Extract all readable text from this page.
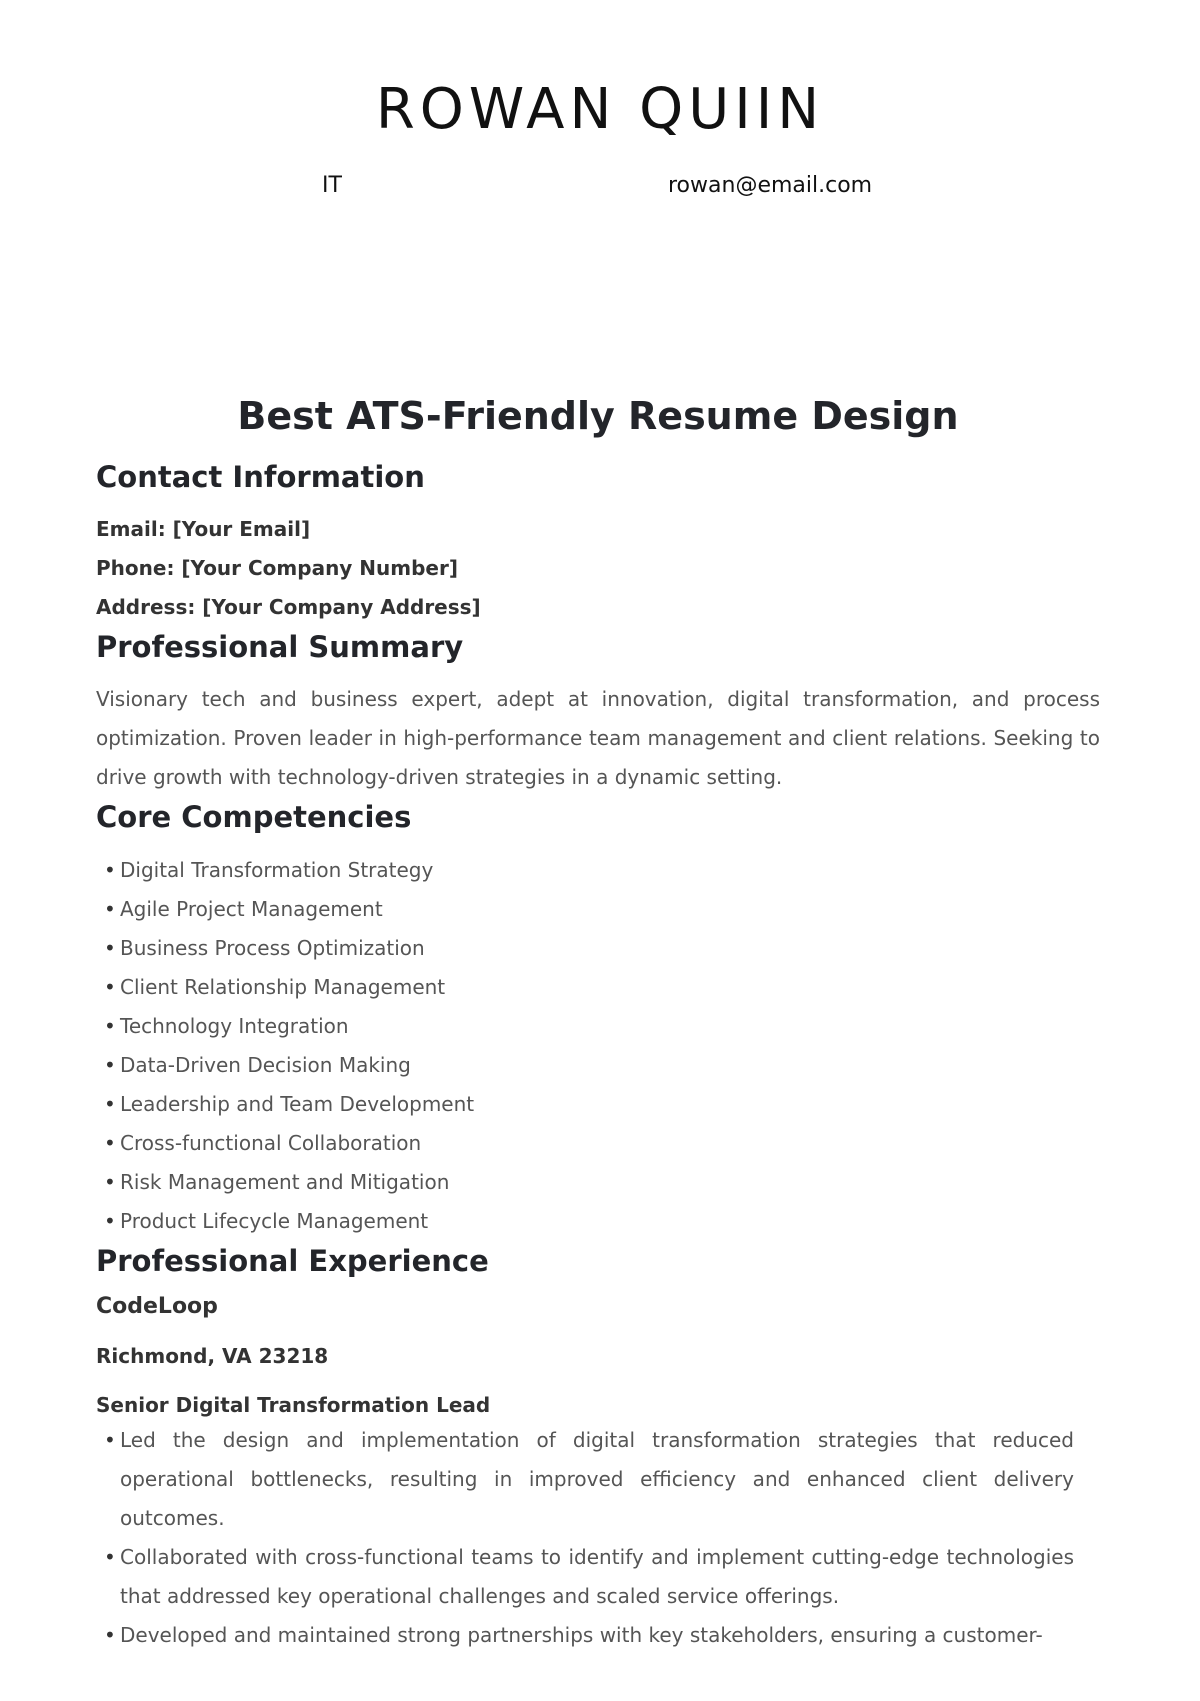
ROWAN QUIIN
IT	rowan@email.com
Best ATS-Friendly Resume Design
Contact Information
Email: [Your Email]
Phone: [Your Company Number]
Address: [Your Company Address]
Professional Summary

Visionary tech and business expert, adept at innovation, digital transformation, and process optimization. Proven leader in high-performance team management and client relations. Seeking to drive growth with technology-driven strategies in a dynamic setting.

Core Competencies
• Digital Transformation Strategy
• Agile Project Management
• Business Process Optimization
• Client Relationship Management
• Technology Integration
• Data-Driven Decision Making
• Leadership and Team Development
• Cross-functional Collaboration
• Risk Management and Mitigation
• Product Lifecycle Management
Professional Experience
CodeLoop
Richmond, VA 23218
Senior Digital Transformation Lead
• Led the design and implementation of digital transformation strategies that reduced operational bottlenecks, resulting in improved efficiency and enhanced client delivery outcomes.
• Collaborated with cross-functional teams to identify and implement cutting-edge technologies that addressed key operational challenges and scaled service offerings.
• Developed and maintained strong partnerships with key stakeholders, ensuring a customer-
